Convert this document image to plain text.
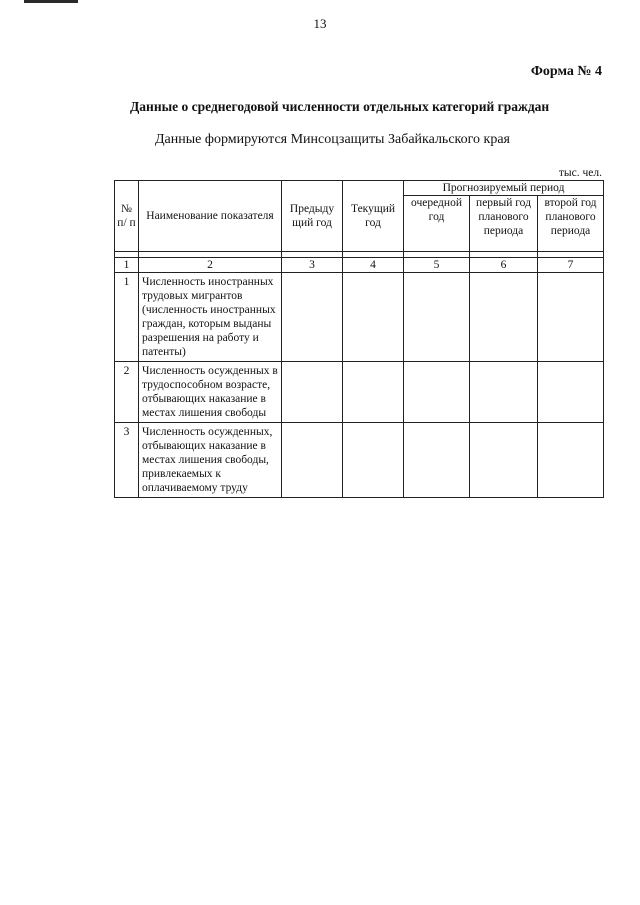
13
Форма № 4
Данные о среднегодовой численности отдельных категорий граждан
Данные формируются Минсоцзащиты Забайкальского края
тыс. чел.
№ п/ п	Наименование показателя	Предыду щий год	Текущий год	Прогнозируемый период		
				очередной год	первый год планового периода	второй год планового периода

1	2	3	4	5	6	7
1	Численность иностранных трудовых мигрантов (численность иностранных граждан, которым выданы разрешения на работу и патенты)					
2	Численность осужденных в трудоспособном возрасте, отбывающих наказание в местах лишения свободы					
3	Численность осужденных, отбывающих наказание в местах лишения свободы, привлекаемых к оплачиваемому труду					
